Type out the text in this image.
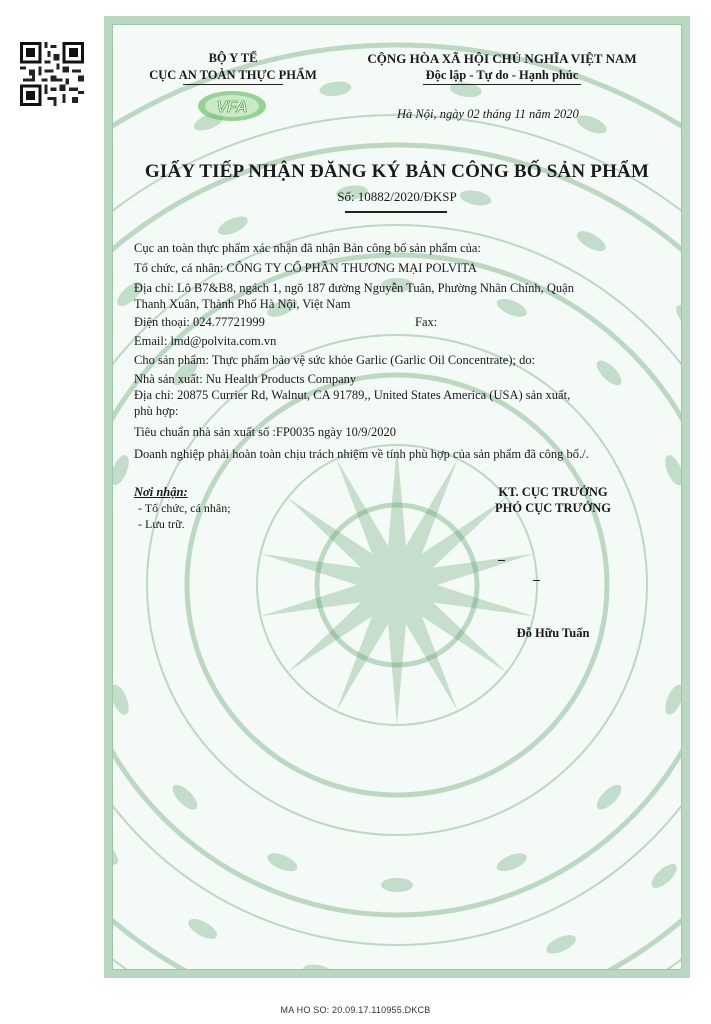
BỘ Y TẾ
CỤC AN TOÀN THỰC PHẨM
VFA
CỘNG HÒA XÃ HỘI CHỦ NGHĨA VIỆT NAM
Độc lập - Tự do - Hạnh phúc
Hà Nội, ngày 02 tháng 11 năm 2020
GIẤY TIẾP NHẬN ĐĂNG KÝ BẢN CÔNG BỐ SẢN PHẨM
Số: 10882/2020/ĐKSP
Cục an toàn thực phẩm xác nhận đã nhận Bản công bố sản phẩm của:
Tổ chức, cá nhân: CÔNG TY CỔ PHẦN THƯƠNG MẠI POLVITA
Địa chỉ: Lô B7&B8, ngách 1, ngõ 187 đường Nguyễn Tuân, Phường Nhân Chính, Quận
Thanh Xuân, Thành Phố Hà Nội, Việt Nam
Điện thoại: 024.77721999	Fax:
Email: lmd@polvita.com.vn
Cho sản phẩm: Thực phẩm bảo vệ sức khỏe Garlic (Garlic Oil Concentrate); do:
Nhà sản xuất: Nu Health Products Company
Địa chỉ: 20875 Currier Rd, Walnut, CA 91789,, United States America (USA) sản xuất,
phù hợp:
Tiêu chuẩn nhà sản xuất số :FP0035 ngày 10/9/2020
Doanh nghiệp phải hoàn toàn chịu trách nhiệm về tính phù hợp của sản phẩm đã công bố./.
Nơi nhận:
- Tổ chức, cá nhân;
- Lưu trữ.
KT. CỤC TRƯỞNG
PHÓ CỤC TRƯỞNG
Đỗ Hữu Tuấn
MA HO SO: 20.09.17.110955.DKCB
